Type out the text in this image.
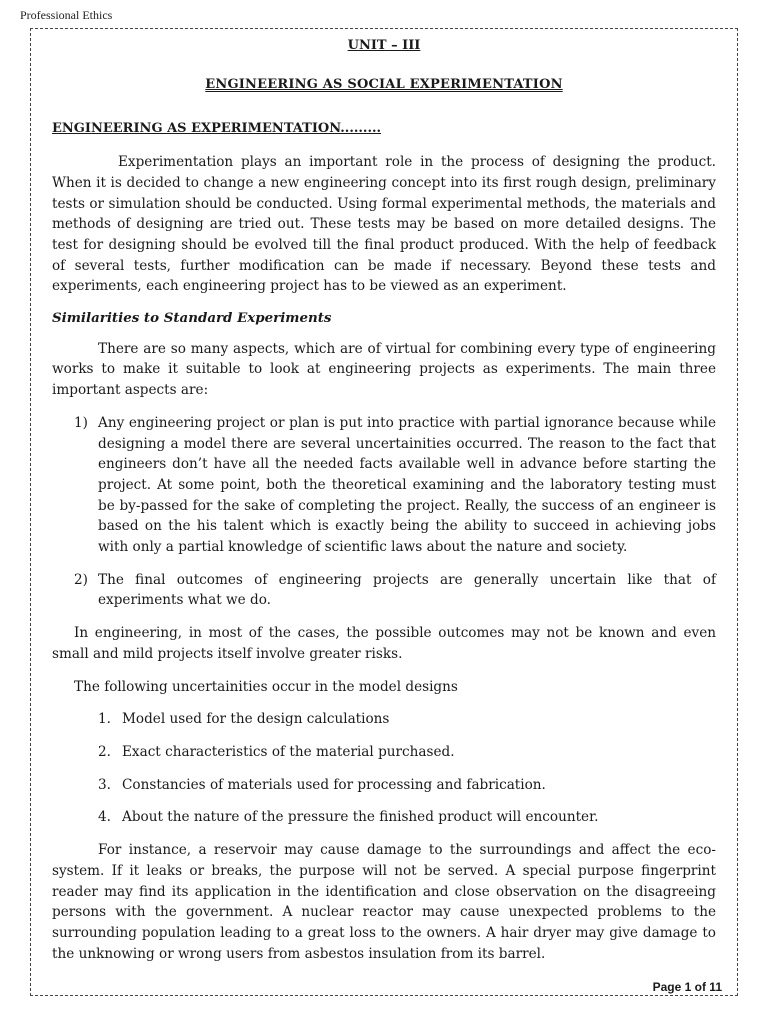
Professional Ethics
UNIT – III
ENGINEERING AS SOCIAL EXPERIMENTATION
ENGINEERING AS EXPERIMENTATION.........

Experimentation plays an important role in the process of designing the product. When it is decided to change a new engineering concept into its first rough design, preliminary tests or simulation should be conducted. Using formal experimental methods, the materials and methods of designing are tried out. These tests may be based on more detailed designs. The test for designing should be evolved till the final product produced. With the help of feedback of several tests, further modification can be made if necessary. Beyond these tests and experiments, each engineering project has to be viewed as an experiment.

Similarities to Standard Experiments

There are so many aspects, which are of virtual for combining every type of engineering works to make it suitable to look at engineering projects as experiments. The main three important aspects are:

1) Any engineering project or plan is put into practice with partial ignorance because while designing a model there are several uncertainities occurred. The reason to the fact that engineers don’t have all the needed facts available well in advance before starting the project. At some point, both the theoretical examining and the laboratory testing must be by-passed for the sake of completing the project. Really, the success of an engineer is based on the his talent which is exactly being the ability to succeed in achieving jobs with only a partial knowledge of scientific laws about the nature and society.
2) The final outcomes of engineering projects are generally uncertain like that of experiments what we do.

In engineering, in most of the cases, the possible outcomes may not be known and even small and mild projects itself involve greater risks.

The following uncertainities occur in the model designs

1. Model used for the design calculations
2. Exact characteristics of the material purchased.
3. Constancies of materials used for processing and fabrication.
4. About the nature of the pressure the finished product will encounter.

For instance, a reservoir may cause damage to the surroundings and affect the eco-system. If it leaks or breaks, the purpose will not be served. A special purpose fingerprint reader may find its application in the identification and close observation on the disagreeing persons with the government. A nuclear reactor may cause unexpected problems to the surrounding population leading to a great loss to the owners. A hair dryer may give damage to the unknowing or wrong users from asbestos insulation from its barrel.

Page 1 of 11
